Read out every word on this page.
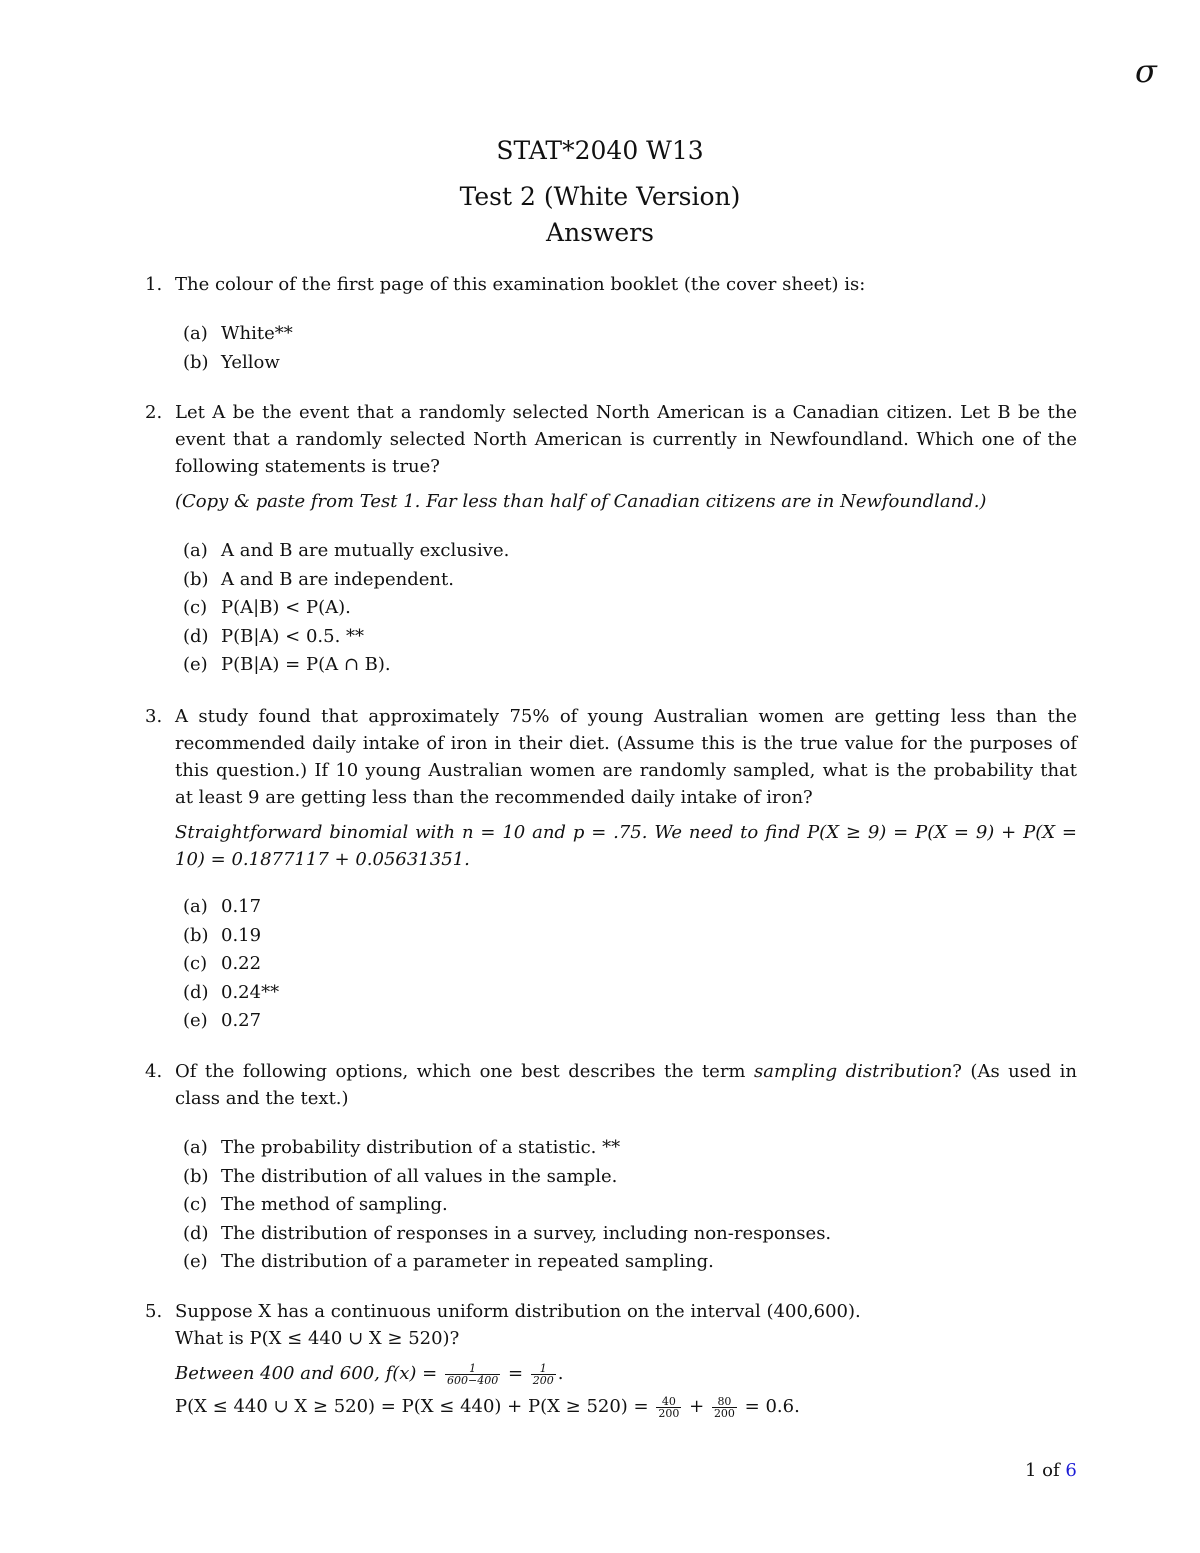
σ
STAT*2040 W13
Test 2 (White Version)
Answers
1. The colour of the first page of this examination booklet (the cover sheet) is:
(a) White**
(b) Yellow
2. Let A be the event that a randomly selected North American is a Canadian citizen. Let B be the event that a randomly selected North American is currently in Newfoundland. Which one of the following statements is true?
(Copy & paste from Test 1. Far less than half of Canadian citizens are in Newfoundland.)
(a) A and B are mutually exclusive.
(b) A and B are independent.
(c) P(A|B) < P(A).
(d) P(B|A) < 0.5. **
(e) P(B|A) = P(A ∩ B).
3. A study found that approximately 75% of young Australian women are getting less than the recommended daily intake of iron in their diet. (Assume this is the true value for the purposes of this question.) If 10 young Australian women are randomly sampled, what is the probability that at least 9 are getting less than the recommended daily intake of iron?
Straightforward binomial with n = 10 and p = .75. We need to find P(X ≥ 9) = P(X = 9) + P(X = 10) = 0.1877117 + 0.05631351.
(a) 0.17
(b) 0.19
(c) 0.22
(d) 0.24**
(e) 0.27
4. Of the following options, which one best describes the term sampling distribution? (As used in class and the text.)
(a) The probability distribution of a statistic. **
(b) The distribution of all values in the sample.
(c) The method of sampling.
(d) The distribution of responses in a survey, including non-responses.
(e) The distribution of a parameter in repeated sampling.
5. Suppose X has a continuous uniform distribution on the interval (400,600).
What is P(X ≤ 440 ∪ X ≥ 520)?
Between 400 and 600, $f(x) = \frac{1}{600-400} = \frac{1}{200}$ .
P(X ≤ 440 ∪ $X \ge 520) = P(X \le 440) + P(X \ge 520) = \frac{40}{200} + \frac{80}{200} = 0.6$.
1 of 6
